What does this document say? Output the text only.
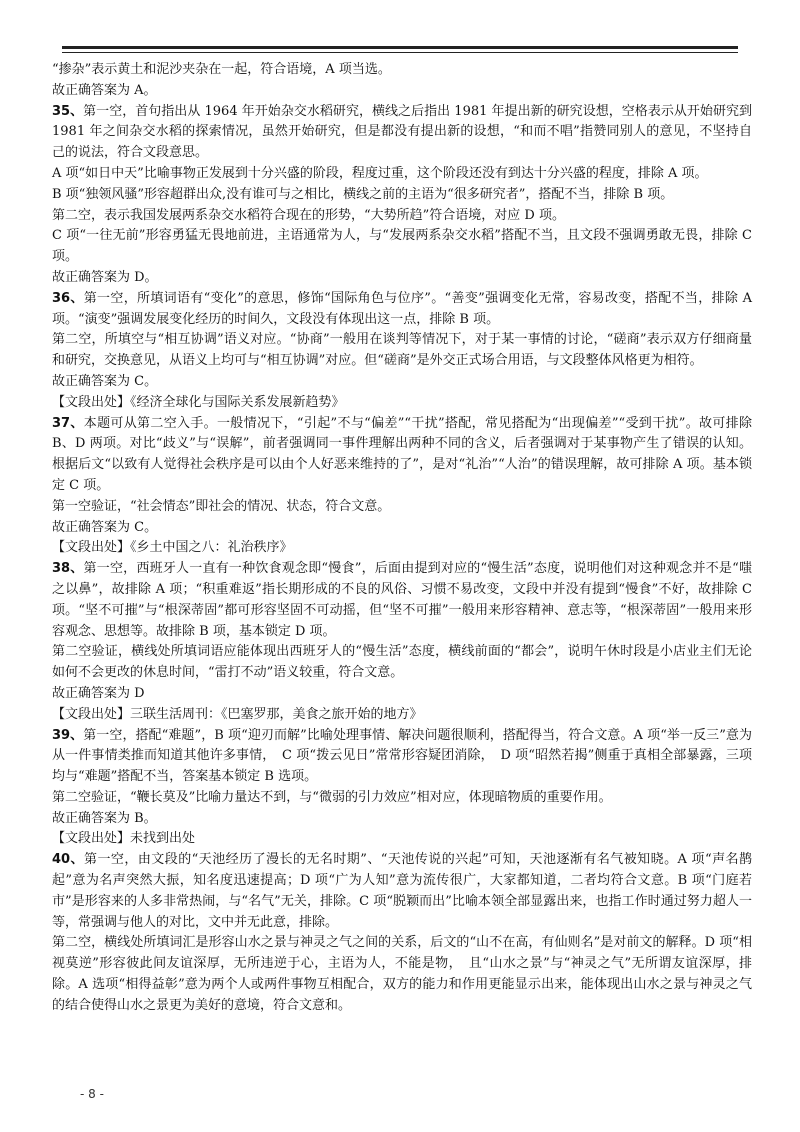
“掺杂”表示黄土和泥沙夹杂在一起，符合语境，A 项当选。

故正确答案为 A。

35、第一空，首句指出从 1964 年开始杂交水稻研究，横线之后指出 1981 年提出新的研究设想，空格表示从开始研究到 1981 年之间杂交水稻的探索情况，虽然开始研究，但是都没有提出新的设想，“和而不唱”指赞同别人的意见，不坚持自己的说法，符合文段意思。

A 项“如日中天”比喻事物正发展到十分兴盛的阶段，程度过重，这个阶段还没有到达十分兴盛的程度，排除 A 项。

B 项“独领风骚”形容超群出众,没有谁可与之相比，横线之前的主语为“很多研究者”，搭配不当，排除 B 项。

第二空，表示我国发展两系杂交水稻符合现在的形势，“大势所趋”符合语境，对应 D 项。

C 项“一往无前”形容勇猛无畏地前进，主语通常为人，与“发展两系杂交水稻”搭配不当，且文段不强调勇敢无畏，排除 C 项。

故正确答案为 D。

36、第一空，所填词语有“变化”的意思，修饰“国际角色与位序”。“善变”强调变化无常，容易改变，搭配不当，排除 A 项。“演变”强调发展变化经历的时间久，文段没有体现出这一点，排除 B 项。

第二空，所填空与“相互协调”语义对应。“协商”一般用在谈判等情况下，对于某一事情的讨论，“磋商”表示双方仔细商量和研究，交换意见，从语义上均可与“相互协调”对应。但“磋商”是外交正式场合用语，与文段整体风格更为相符。

故正确答案为 C。

【文段出处】《经济全球化与国际关系发展新趋势》

37、本题可从第二空入手。一般情况下，“引起”不与“偏差”“干扰”搭配，常见搭配为“出现偏差”“受到干扰”。故可排除 B、D 两项。对比“歧义”与“误解”，前者强调同一事件理解出两种不同的含义，后者强调对于某事物产生了错误的认知。根据后文“以致有人觉得社会秩序是可以由个人好恶来维持的了”，是对“礼治”“人治”的错误理解，故可排除 A 项。基本锁定 C 项。

第一空验证，“社会情态”即社会的情况、状态，符合文意。

故正确答案为 C。

【文段出处】《乡土中国之八：礼治秩序》

38、第一空，西班牙人一直有一种饮食观念即“慢食”，后面由提到对应的“慢生活”态度，说明他们对这种观念并不是“嗤之以鼻”，故排除 A 项；“积重难返”指长期形成的不良的风俗、习惯不易改变，文段中并没有提到“慢食”不好，故排除 C 项。“坚不可摧”与“根深蒂固”都可形容坚固不可动摇，但“坚不可摧”一般用来形容精神、意志等，“根深蒂固”一般用来形容观念、思想等。故排除 B 项，基本锁定 D 项。

第二空验证，横线处所填词语应能体现出西班牙人的“慢生活”态度，横线前面的“都会”，说明午休时段是小店业主们无论如何不会更改的休息时间，“雷打不动”语义较重，符合文意。

故正确答案为 D

【文段出处】三联生活周刊：《巴塞罗那，美食之旅开始的地方》

39、第一空，搭配“难题”，B 项“迎刃而解”比喻处理事情、解决问题很顺利，搭配得当，符合文意。A 项“举一反三”意为从一件事情类推而知道其他许多事情，　C 项“拨云见日”常常形容疑团消除，　D 项“昭然若揭”侧重于真相全部暴露，三项均与“难题”搭配不当，答案基本锁定 B 选项。

第二空验证，“鞭长莫及”比喻力量达不到，与“微弱的引力效应”相对应，体现暗物质的重要作用。

故正确答案为 B。

【文段出处】未找到出处

40、第一空，由文段的“天池经历了漫长的无名时期”、“天池传说的兴起”可知，天池逐渐有名气被知晓。A 项“声名鹊起”意为名声突然大振，知名度迅速提高；D 项“广为人知”意为流传很广，大家都知道，二者均符合文意。B 项“门庭若市”是形容来的人多非常热闹，与“名气”无关，排除。C 项“脱颖而出”比喻本领全部显露出来，也指工作时通过努力超人一等，常强调与他人的对比，文中并无此意，排除。

第二空，横线处所填词汇是形容山水之景与神灵之气之间的关系，后文的“山不在高，有仙则名”是对前文的解释。D 项“相视莫逆”形容彼此间友谊深厚，无所违逆于心，主语为人，不能是物，　且“山水之景”与“神灵之气”无所谓友谊深厚，排除。A 选项“相得益彰”意为两个人或两件事物互相配合，双方的能力和作用更能显示出来，能体现出山水之景与神灵之气的结合使得山水之景更为美好的意境，符合文意和。

- 8 -
